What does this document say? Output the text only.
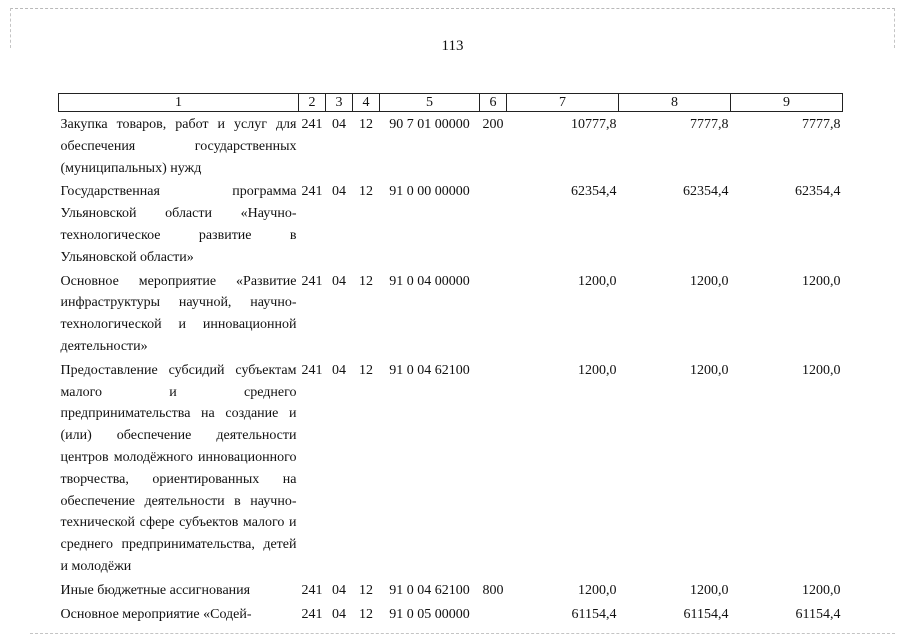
113
1	2	3	4	5	6	7	8	9
Закупка товаров, работ и услуг для обеспечения государственных (муниципальных) нужд	241	04	12	90 7 01 00000	200	10777,8	7777,8	7777,8
Государственная программа Ульяновской области «Научно-технологическое развитие в Ульяновской области»	241	04	12	91 0 00 00000		62354,4	62354,4	62354,4
Основное мероприятие «Развитие инфраструктуры научной, научно-технологической и инновационной деятельности»	241	04	12	91 0 04 00000		1200,0	1200,0	1200,0
Предоставление субсидий субъектам малого и среднего предпринимательства на создание и (или) обеспечение деятельности центров молодёжного инновационного творчества, ориентированных на обеспечение деятельности в научно-технической сфере субъектов малого и среднего предпринимательства, детей и молодёжи	241	04	12	91 0 04 62100		1200,0	1200,0	1200,0
Иные бюджетные ассигнования	241	04	12	91 0 04 62100	800	1200,0	1200,0	1200,0
Основное мероприятие «Содей-	241	04	12	91 0 05 00000		61154,4	61154,4	61154,4
